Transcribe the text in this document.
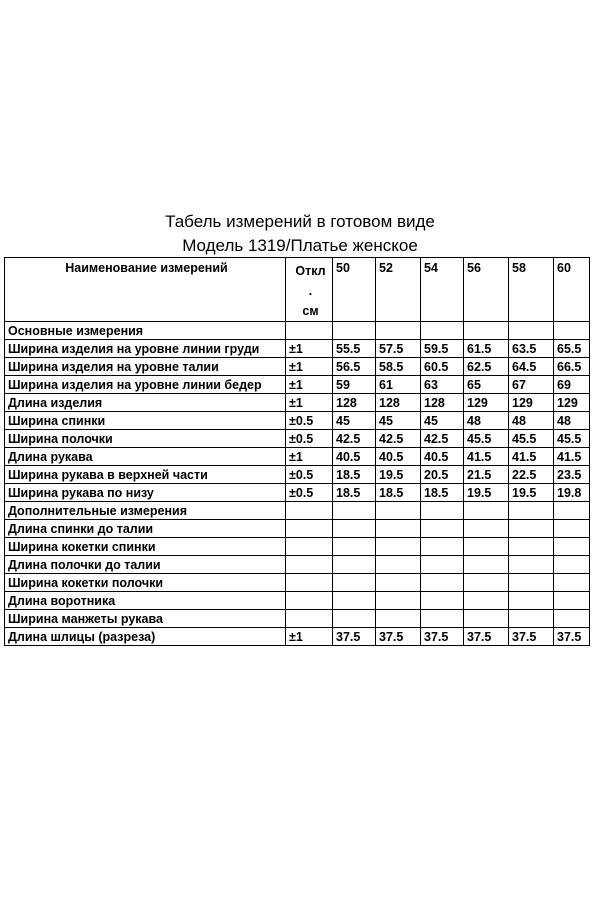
Табель измерений в готовом виде
Модель 1319/Платье женское
Наименование измерений	Откл
.
см	50	52	54	56	58	60
Основные измерения							
Ширина изделия на уровне линии груди	±1	55.5	57.5	59.5	61.5	63.5	65.5
Ширина изделия на уровне талии	±1	56.5	58.5	60.5	62.5	64.5	66.5
Ширина изделия на уровне линии бедер	±1	59	61	63	65	67	69
Длина изделия	±1	128	128	128	129	129	129
Ширина спинки	±0.5	45	45	45	48	48	48
Ширина полочки	±0.5	42.5	42.5	42.5	45.5	45.5	45.5
Длина рукава	±1	40.5	40.5	40.5	41.5	41.5	41.5
Ширина рукава в верхней части	±0.5	18.5	19.5	20.5	21.5	22.5	23.5
Ширина рукава по низу	±0.5	18.5	18.5	18.5	19.5	19.5	19.8
Дополнительные измерения							
Длина спинки до талии							
Ширина кокетки спинки							
Длина полочки до талии							
Ширина кокетки полочки							
Длина воротника							
Ширина манжеты рукава							
Длина шлицы (разреза)	±1	37.5	37.5	37.5	37.5	37.5	37.5
